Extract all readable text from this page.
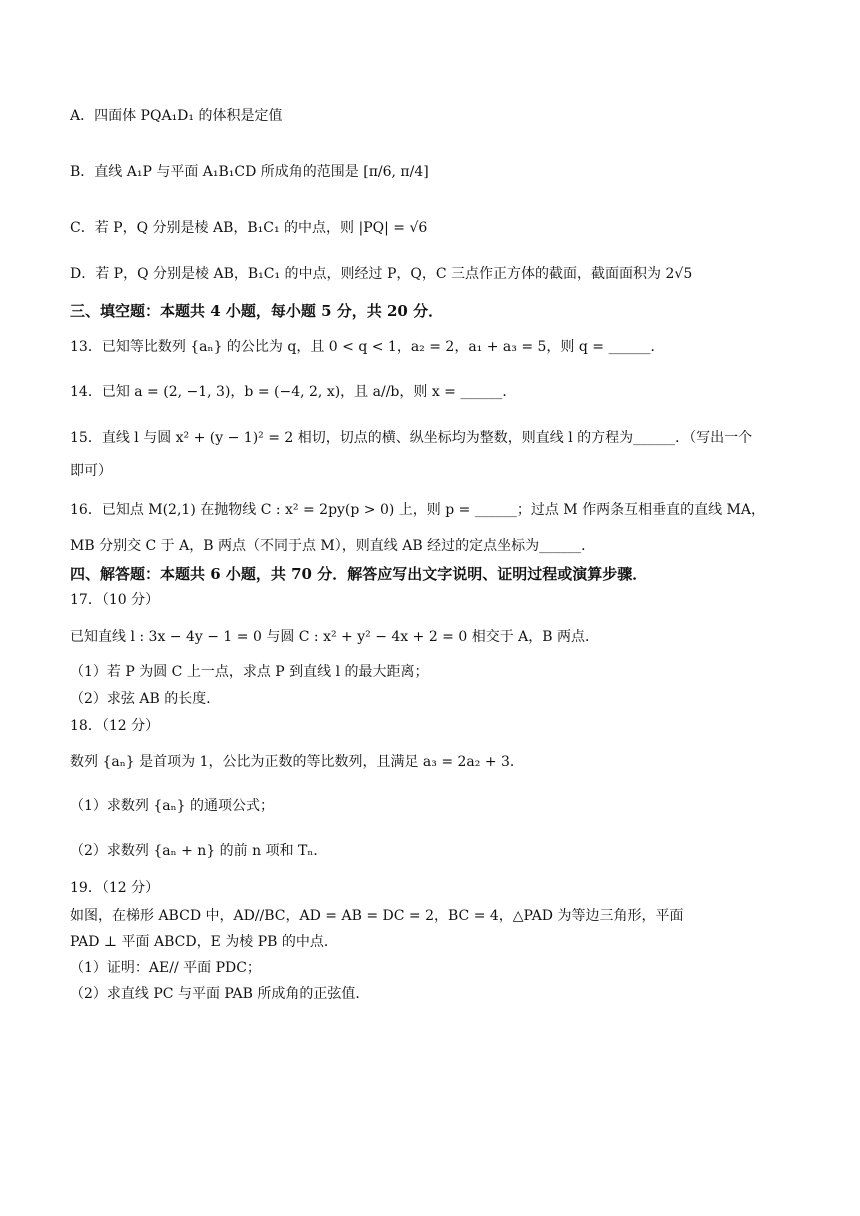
A．四面体 PQA₁D₁ 的体积是定值
B．直线 A₁P 与平面 A₁B₁CD 所成角的范围是 [π/6, π/4]
C．若 P，Q 分别是棱 AB，B₁C₁ 的中点，则 |PQ| = √6
D．若 P，Q 分别是棱 AB，B₁C₁ 的中点，则经过 P，Q，C 三点作正方体的截面，截面面积为 2√5
三、填空题：本题共 4 小题，每小题 5 分，共 20 分．
13．已知等比数列 {aₙ} 的公比为 q，且 0 < q < 1，a₂ = 2，a₁ + a₃ = 5，则 q = ______．
14．已知 a = (2, −1, 3)，b = (−4, 2, x)，且 a//b，则 x = ______．
15．直线 l 与圆 x² + (y − 1)² = 2 相切，切点的横、纵坐标均为整数，则直线 l 的方程为______．（写出一个
即可）
16．已知点 M(2,1) 在抛物线 C : x² = 2py(p > 0) 上，则 p = ______；过点 M 作两条互相垂直的直线 MA，
MB 分别交 C 于 A，B 两点（不同于点 M），则直线 AB 经过的定点坐标为______．
四、解答题：本题共 6 小题，共 70 分．解答应写出文字说明、证明过程或演算步骤．
17．（10 分）
已知直线 l : 3x − 4y − 1 = 0 与圆 C : x² + y² − 4x + 2 = 0 相交于 A，B 两点．
（1）若 P 为圆 C 上一点，求点 P 到直线 l 的最大距离；
（2）求弦 AB 的长度．
18．（12 分）
数列 {aₙ} 是首项为 1，公比为正数的等比数列，且满足 a₃ = 2a₂ + 3．
（1）求数列 {aₙ} 的通项公式；
（2）求数列 {aₙ + n} 的前 n 项和 Tₙ．
19．（12 分）
如图，在梯形 ABCD 中，AD//BC，AD = AB = DC = 2，BC = 4，△PAD 为等边三角形，平面
PAD ⊥ 平面 ABCD，E 为棱 PB 的中点．
（1）证明：AE// 平面 PDC；
（2）求直线 PC 与平面 PAB 所成角的正弦值．
